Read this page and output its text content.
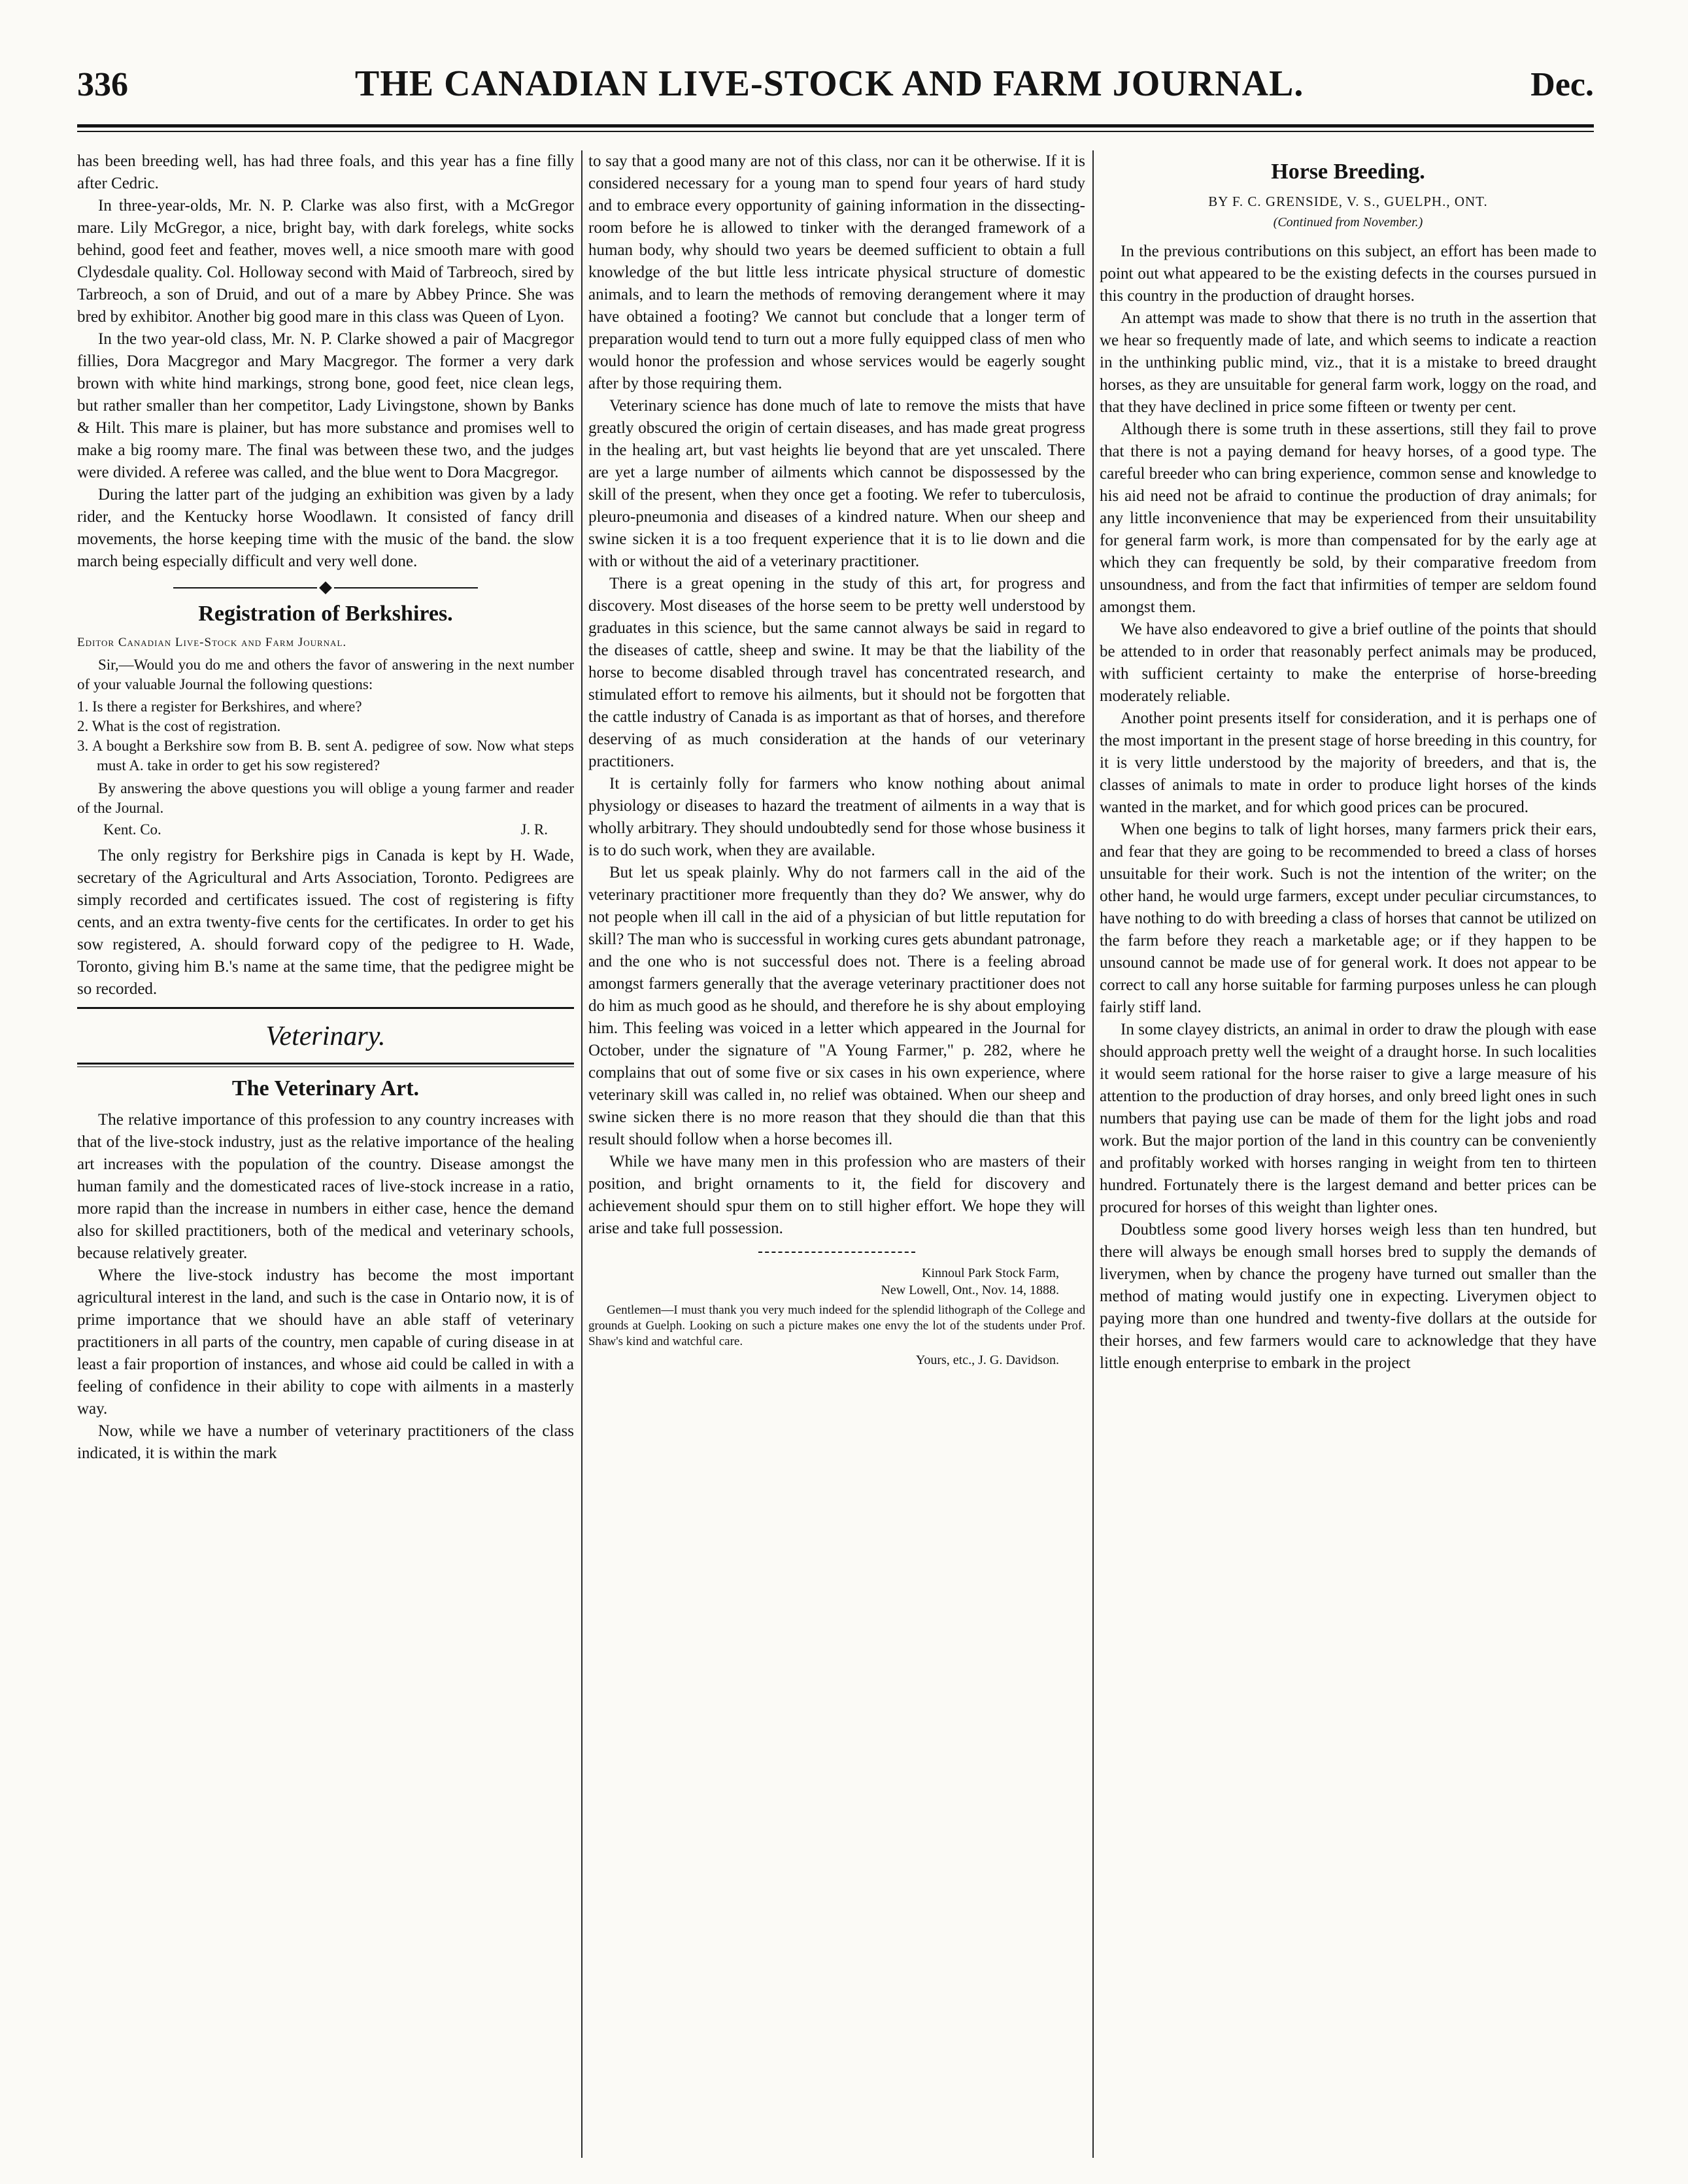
336	THE CANADIAN LIVE-STOCK AND FARM JOURNAL.	Dec.

has been breeding well, has had three foals, and this year has a fine filly after Cedric.

In three-year-olds, Mr. N. P. Clarke was also first, with a McGregor mare. Lily McGregor, a nice, bright bay, with dark forelegs, white socks behind, good feet and feather, moves well, a nice smooth mare with good Clydesdale quality. Col. Holloway second with Maid of Tarbreoch, sired by Tarbreoch, a son of Druid, and out of a mare by Abbey Prince. She was bred by exhibitor. Another big good mare in this class was Queen of Lyon.

In the two year-old class, Mr. N. P. Clarke showed a pair of Macgregor fillies, Dora Macgregor and Mary Macgregor. The former a very dark brown with white hind markings, strong bone, good feet, nice clean legs, but rather smaller than her competitor, Lady Livingstone, shown by Banks & Hilt. This mare is plainer, but has more substance and promises well to make a big roomy mare. The final was between these two, and the judges were divided. A referee was called, and the blue went to Dora Macgregor.

During the latter part of the judging an exhibition was given by a lady rider, and the Kentucky horse Woodlawn. It consisted of fancy drill movements, the horse keeping time with the music of the band. the slow march being especially difficult and very well done.

Registration of Berkshires.
Editor Canadian Live-Stock and Farm Journal.

Sir,—Would you do me and others the favor of answering in the next number of your valuable Journal the following questions:

1. Is there a register for Berkshires, and where?
2. What is the cost of registration.
3. A bought a Berkshire sow from B. B. sent A. pedigree of sow. Now what steps must A. take in order to get his sow registered?

By answering the above questions you will oblige a young farmer and reader of the Journal.

Kent. Co.	J. R.

The only registry for Berkshire pigs in Canada is kept by H. Wade, secretary of the Agricultural and Arts Association, Toronto. Pedigrees are simply recorded and certificates issued. The cost of registering is fifty cents, and an extra twenty-five cents for the certificates. In order to get his sow registered, A. should forward copy of the pedigree to H. Wade, Toronto, giving him B.'s name at the same time, that the pedigree might be so recorded.

Veterinary.
The Veterinary Art.

The relative importance of this profession to any country increases with that of the live-stock industry, just as the relative importance of the healing art increases with the population of the country. Disease amongst the human family and the domesticated races of live-stock increase in a ratio, more rapid than the increase in numbers in either case, hence the demand also for skilled practitioners, both of the medical and veterinary schools, because relatively greater.

Where the live-stock industry has become the most important agricultural interest in the land, and such is the case in Ontario now, it is of prime importance that we should have an able staff of veterinary practitioners in all parts of the country, men capable of curing disease in at least a fair proportion of instances, and whose aid could be called in with a feeling of confidence in their ability to cope with ailments in a masterly way.

Now, while we have a number of veterinary practitioners of the class indicated, it is within the mark

to say that a good many are not of this class, nor can it be otherwise. If it is considered necessary for a young man to spend four years of hard study and to embrace every opportunity of gaining information in the dissecting-room before he is allowed to tinker with the deranged framework of a human body, why should two years be deemed sufficient to obtain a full knowledge of the but little less intricate physical structure of domestic animals, and to learn the methods of removing derangement where it may have obtained a footing? We cannot but conclude that a longer term of preparation would tend to turn out a more fully equipped class of men who would honor the profession and whose services would be eagerly sought after by those requiring them.

Veterinary science has done much of late to remove the mists that have greatly obscured the origin of certain diseases, and has made great progress in the healing art, but vast heights lie beyond that are yet unscaled. There are yet a large number of ailments which cannot be dispossessed by the skill of the present, when they once get a footing. We refer to tuberculosis, pleuro-pneumonia and diseases of a kindred nature. When our sheep and swine sicken it is a too frequent experience that it is to lie down and die with or without the aid of a veterinary practitioner.

There is a great opening in the study of this art, for progress and discovery. Most diseases of the horse seem to be pretty well understood by graduates in this science, but the same cannot always be said in regard to the diseases of cattle, sheep and swine. It may be that the liability of the horse to become disabled through travel has concentrated research, and stimulated effort to remove his ailments, but it should not be forgotten that the cattle industry of Canada is as important as that of horses, and therefore deserving of as much consideration at the hands of our veterinary practitioners.

It is certainly folly for farmers who know nothing about animal physiology or diseases to hazard the treatment of ailments in a way that is wholly arbitrary. They should undoubtedly send for those whose business it is to do such work, when they are available.

But let us speak plainly. Why do not farmers call in the aid of the veterinary practitioner more frequently than they do? We answer, why do not people when ill call in the aid of a physician of but little reputation for skill? The man who is successful in working cures gets abundant patronage, and the one who is not successful does not. There is a feeling abroad amongst farmers generally that the average veterinary practitioner does not do him as much good as he should, and therefore he is shy about employing him. This feeling was voiced in a letter which appeared in the Journal for October, under the signature of "A Young Farmer," p. 282, where he complains that out of some five or six cases in his own experience, where veterinary skill was called in, no relief was obtained. When our sheep and swine sicken there is no more reason that they should die than that this result should follow when a horse becomes ill.

While we have many men in this profession who are masters of their position, and bright ornaments to it, the field for discovery and achievement should spur them on to still higher effort. We hope they will arise and take full possession.

Kinnoul Park Stock Farm,
New Lowell, Ont., Nov. 14, 1888.

Gentlemen—I must thank you very much indeed for the splendid lithograph of the College and grounds at Guelph. Looking on such a picture makes one envy the lot of the students under Prof. Shaw's kind and watchful care.

Yours, etc., J. G. Davidson.
Horse Breeding.
BY F. C. GRENSIDE, V. S., GUELPH., ONT.
(Continued from November.)

In the previous contributions on this subject, an effort has been made to point out what appeared to be the existing defects in the courses pursued in this country in the production of draught horses.

An attempt was made to show that there is no truth in the assertion that we hear so frequently made of late, and which seems to indicate a reaction in the unthinking public mind, viz., that it is a mistake to breed draught horses, as they are unsuitable for general farm work, loggy on the road, and that they have declined in price some fifteen or twenty per cent.

Although there is some truth in these assertions, still they fail to prove that there is not a paying demand for heavy horses, of a good type. The careful breeder who can bring experience, common sense and knowledge to his aid need not be afraid to continue the production of dray animals; for any little inconvenience that may be experienced from their unsuitability for general farm work, is more than compensated for by the early age at which they can frequently be sold, by their comparative freedom from unsoundness, and from the fact that infirmities of temper are seldom found amongst them.

We have also endeavored to give a brief outline of the points that should be attended to in order that reasonably perfect animals may be produced, with sufficient certainty to make the enterprise of horse-breeding moderately reliable.

Another point presents itself for consideration, and it is perhaps one of the most important in the present stage of horse breeding in this country, for it is very little understood by the majority of breeders, and that is, the classes of animals to mate in order to produce light horses of the kinds wanted in the market, and for which good prices can be procured.

When one begins to talk of light horses, many farmers prick their ears, and fear that they are going to be recommended to breed a class of horses unsuitable for their work. Such is not the intention of the writer; on the other hand, he would urge farmers, except under peculiar circumstances, to have nothing to do with breeding a class of horses that cannot be utilized on the farm before they reach a marketable age; or if they happen to be unsound cannot be made use of for general work. It does not appear to be correct to call any horse suitable for farming purposes unless he can plough fairly stiff land.

In some clayey districts, an animal in order to draw the plough with ease should approach pretty well the weight of a draught horse. In such localities it would seem rational for the horse raiser to give a large measure of his attention to the production of dray horses, and only breed light ones in such numbers that paying use can be made of them for the light jobs and road work. But the major portion of the land in this country can be conveniently and profitably worked with horses ranging in weight from ten to thirteen hundred. Fortunately there is the largest demand and better prices can be procured for horses of this weight than lighter ones.

Doubtless some good livery horses weigh less than ten hundred, but there will always be enough small horses bred to supply the demands of liverymen, when by chance the progeny have turned out smaller than the method of mating would justify one in expecting. Liverymen object to paying more than one hundred and twenty-five dollars at the outside for their horses, and few farmers would care to acknowledge that they have little enough enterprise to embark in the project
